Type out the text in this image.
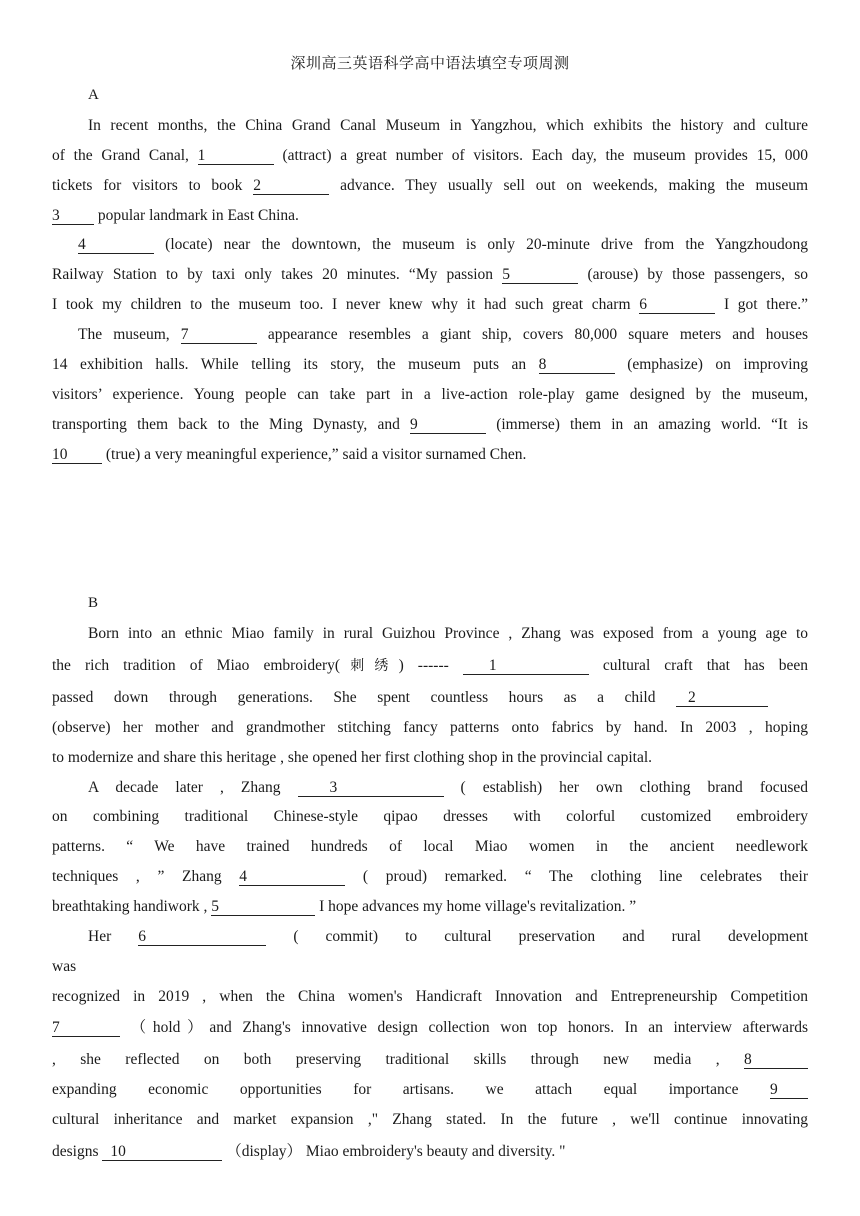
深圳高三英语科学高中语法填空专项周测
A
In recent months, the China Grand Canal Museum in Yangzhou, which exhibits the history and culture
of the Grand Canal, 1	(attract) a great number of visitors. Each day, the museum provides 15, 000
tickets for visitors to book 2	advance. They usually sell out on weekends, making the museum
3 popular landmark in East China.
4	(locate) near the downtown, the museum is only 20-minute drive from the Yangzhoudong
Railway Station to by taxi only takes 20 minutes. “My passion 5	(arouse) by those passengers, so
I took my children to the museum too. I never knew why it had such great charm 6	I got there.”
The museum, 7	appearance resembles a giant ship, covers 80,000 square meters and houses
14 exhibition halls. While telling its story, the museum puts an 8	(emphasize) on improving
visitors’ experience. Young people can take part in a live-action role-play game designed by the museum,
transporting them back to the Ming Dynasty, and 9	(immerse) them in an amazing world. “It is
10 (true) a very meaningful experience,” said a visitor surnamed Chen.
B
Born into an ethnic Miao family in rural Guizhou Province , Zhang was exposed from a young age to
the rich tradition of Miao embroidery(刺绣) ------	1	cultural craft that has been
passed down through generations. She spent countless hours as a child 2
(observe) her mother and grandmother stitching fancy patterns onto fabrics by hand. In 2003 , hoping
to modernize and share this heritage , she opened her first clothing shop in the provincial capital.
A decade later , Zhang	3	( establish) her own clothing brand focused
on combining traditional Chinese-style qipao dresses with colorful customized embroidery
patterns. “ We have trained hundreds of local Miao women in the ancient needlework
techniques , ” Zhang 4	( proud) remarked. “ The clothing line celebrates their
breathtaking handiwork , 5	I hope advances my home village's revitalization. ”
Her 6	( commit) to cultural preservation and rural development
was
recognized in 2019 , when the China women's Handicraft Innovation and Entrepreneurship Competition
7	（hold）and Zhang's innovative design collection won top honors. In an interview afterwards
, she reflected on both preserving traditional skills through new media , 8
expanding economic opportunities for artisans. we attach equal importance 9
cultural inheritance and market expansion ," Zhang stated. In the future , we'll continue innovating
designs 10	（display） Miao embroidery's beauty and diversity. "
